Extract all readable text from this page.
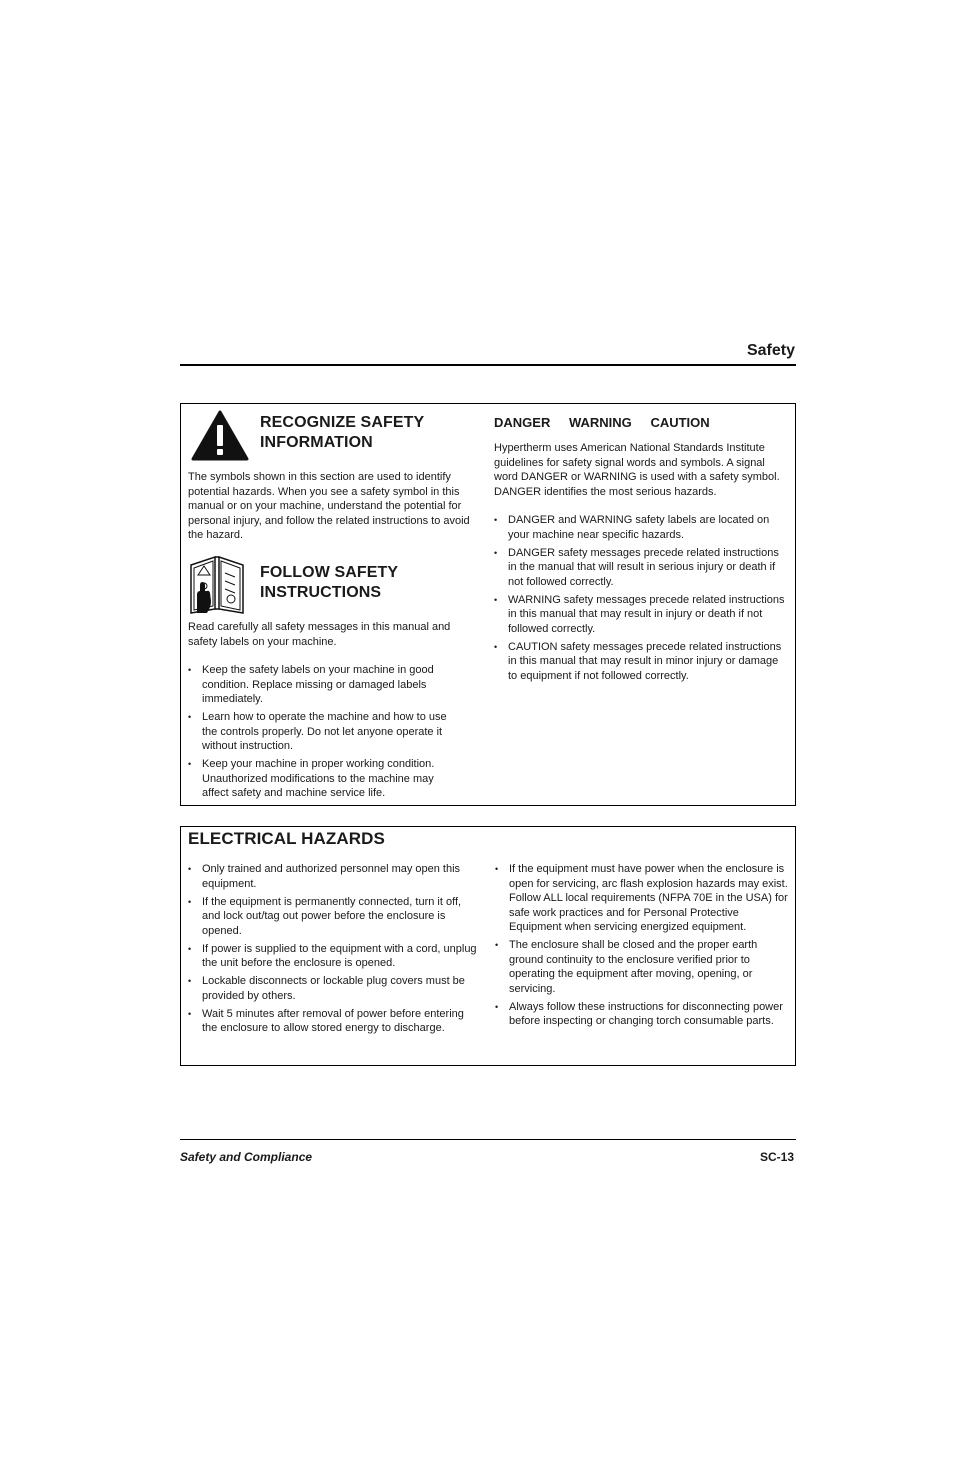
Safety
RECOGNIZE SAFETY
INFORMATION
The symbols shown in this section are used to identify potential hazards. When you see a safety symbol in this manual or on your machine, understand the potential for personal injury, and follow the related instructions to avoid the hazard.
FOLLOW SAFETY
INSTRUCTIONS
Read carefully all safety messages in this manual and safety labels on your machine.
• Keep the safety labels on your machine in good condition. Replace missing or damaged labels immediately.
• Learn how to operate the machine and how to use the controls properly. Do not let anyone operate it without instruction.
• Keep your machine in proper working condition. Unauthorized modifications to the machine may affect safety and machine service life.
DANGER WARNING CAUTION
Hypertherm uses American National Standards Institute guidelines for safety signal words and symbols. A signal word DANGER or WARNING is used with a safety symbol. DANGER identifies the most serious hazards.
• DANGER and WARNING safety labels are located on your machine near specific hazards.
• DANGER safety messages precede related instructions in the manual that will result in serious injury or death if not followed correctly.
• WARNING safety messages precede related instructions in this manual that may result in injury or death if not followed correctly.
• CAUTION safety messages precede related instructions in this manual that may result in minor injury or damage to equipment if not followed correctly.
ELECTRICAL HAZARDS
• Only trained and authorized personnel may open this equipment.
• If the equipment is permanently connected, turn it off, and lock out/tag out power before the enclosure is opened.
• If power is supplied to the equipment with a cord, unplug the unit before the enclosure is opened.
• Lockable disconnects or lockable plug covers must be provided by others.
• Wait 5 minutes after removal of power before entering the enclosure to allow stored energy to discharge.
• If the equipment must have power when the enclosure is open for servicing, arc flash explosion hazards may exist. Follow ALL local requirements (NFPA 70E in the USA) for safe work practices and for Personal Protective Equipment when servicing energized equipment.
• The enclosure shall be closed and the proper earth ground continuity to the enclosure verified prior to operating the equipment after moving, opening, or servicing.
• Always follow these instructions for disconnecting power before inspecting or changing torch consumable parts.
Safety and Compliance	SC-13
